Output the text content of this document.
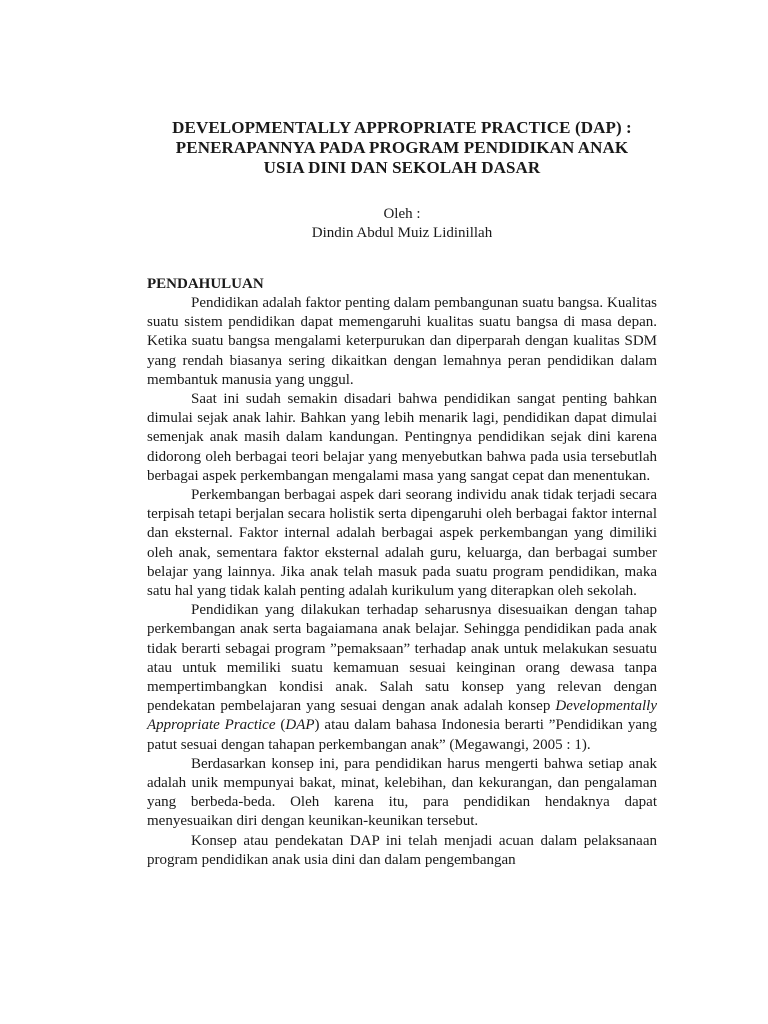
DEVELOPMENTALLY APPROPRIATE PRACTICE (DAP) :
PENERAPANNYA PADA PROGRAM PENDIDIKAN ANAK
USIA DINI DAN SEKOLAH DASAR
Oleh :
Dindin Abdul Muiz Lidinillah
PENDAHULUAN

Pendidikan adalah faktor penting dalam pembangunan suatu bangsa. Kualitas suatu sistem pendidikan dapat memengaruhi kualitas suatu bangsa di masa depan. Ketika suatu bangsa mengalami keterpurukan dan diperparah dengan kualitas SDM yang rendah biasanya sering dikaitkan dengan lemahnya peran pendidikan dalam membantuk manusia yang unggul.

Saat ini sudah semakin disadari bahwa pendidikan sangat penting bahkan dimulai sejak anak lahir. Bahkan yang lebih menarik lagi, pendidikan dapat dimulai semenjak anak masih dalam kandungan. Pentingnya pendidikan sejak dini karena didorong oleh berbagai teori belajar yang menyebutkan bahwa pada usia tersebutlah berbagai aspek perkembangan mengalami masa yang sangat cepat dan menentukan.

Perkembangan berbagai aspek dari seorang individu anak tidak terjadi secara terpisah tetapi berjalan secara holistik serta dipengaruhi oleh berbagai faktor internal dan eksternal. Faktor internal adalah berbagai aspek perkembangan yang dimiliki oleh anak, sementara faktor eksternal adalah guru, keluarga, dan berbagai sumber belajar yang lainnya. Jika anak telah masuk pada suatu program pendidikan, maka satu hal yang tidak kalah penting adalah kurikulum yang diterapkan oleh sekolah.

Pendidikan yang dilakukan terhadap seharusnya disesuaikan dengan tahap perkembangan anak serta bagaiamana anak belajar. Sehingga pendidikan pada anak tidak berarti sebagai program ”pemaksaan” terhadap anak untuk melakukan sesuatu atau untuk memiliki suatu kemamuan sesuai keinginan orang dewasa tanpa mempertimbangkan kondisi anak. Salah satu konsep yang relevan dengan pendekatan pembelajaran yang sesuai dengan anak adalah konsep Developmentally Appropriate Practice (DAP) atau dalam bahasa Indonesia berarti ”Pendidikan yang patut sesuai dengan tahapan perkembangan anak” (Megawangi, 2005 : 1).

Berdasarkan konsep ini, para pendidikan harus mengerti bahwa setiap anak adalah unik mempunyai bakat, minat, kelebihan, dan kekurangan, dan pengalaman yang berbeda-beda. Oleh karena itu, para pendidikan hendaknya dapat menyesuaikan diri dengan keunikan-keunikan tersebut.

Konsep atau pendekatan DAP ini telah menjadi acuan dalam pelaksanaan program pendidikan anak usia dini dan dalam pengembangan
